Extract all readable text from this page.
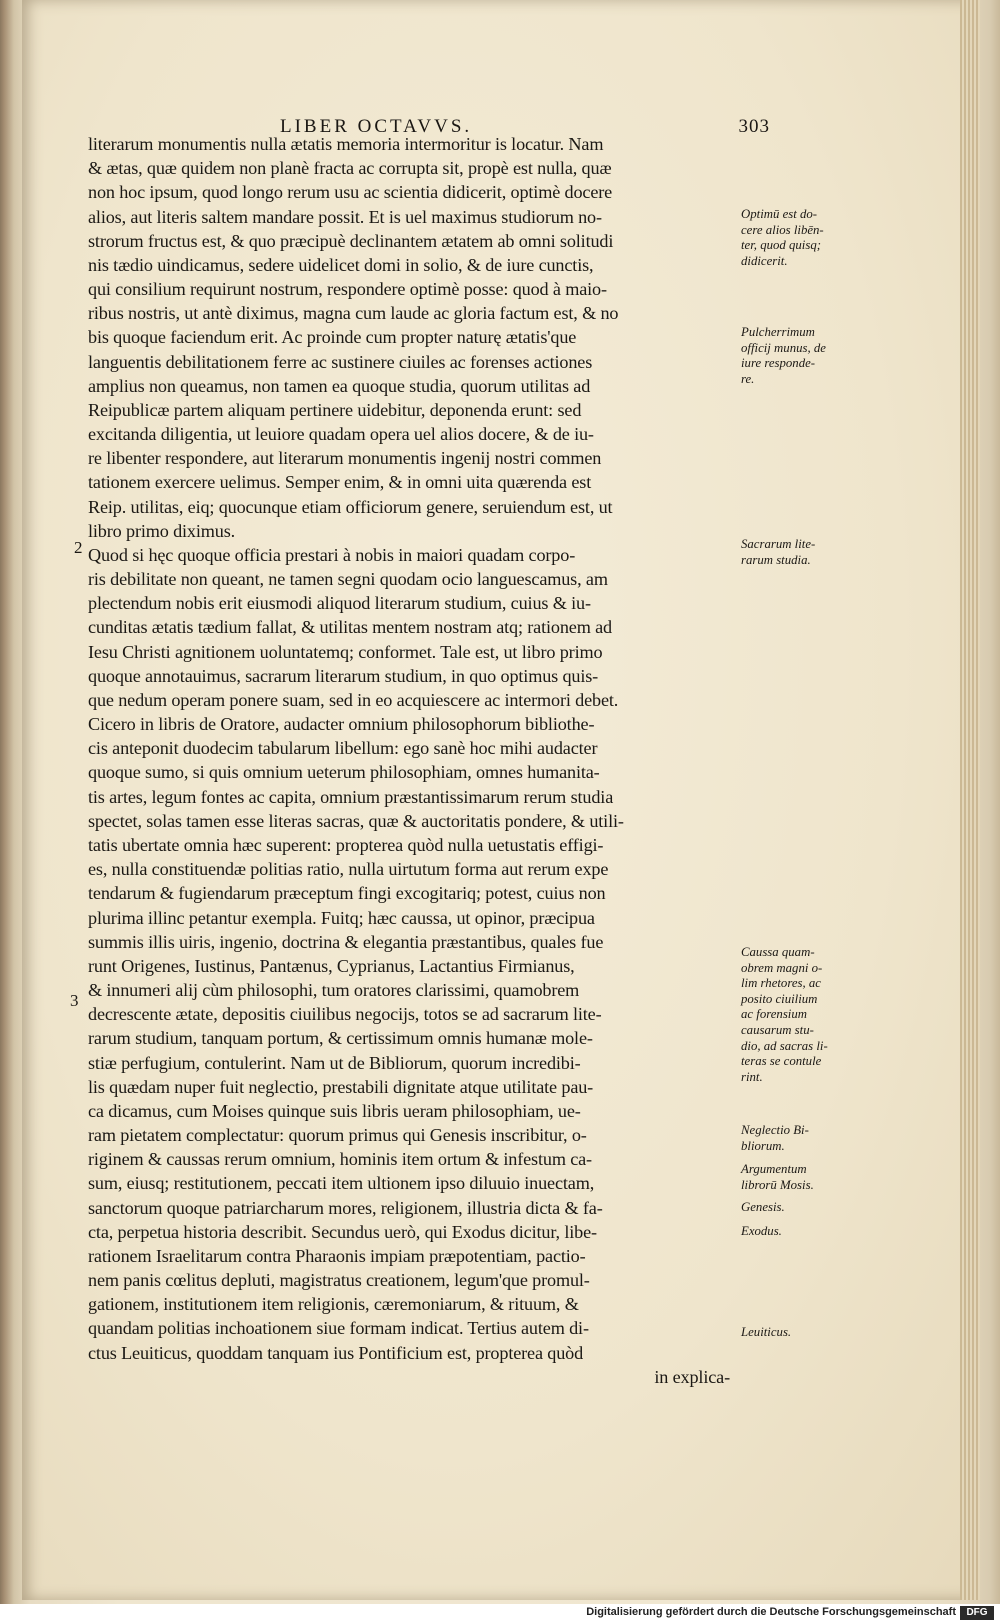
LIBER OCTAVVS.	303
2
3
literarum monumentis nulla ætatis memoria intermoritur is locatur. Nam
& ætas, quæ quidem non planè fracta ac corrupta sit, propè est nulla, quæ
non hoc ipsum, quod longo rerum usu ac scientia didicerit, optimè docere
alios, aut literis saltem mandare possit. Et is uel maximus studiorum no-
strorum fructus est, & quo præcipuè declinantem ætatem ab omni solitudi
nis tædio uindicamus, sedere uidelicet domi in solio, & de iure cunctis,
qui consilium requirunt nostrum, respondere optimè posse: quod à maio-
ribus nostris, ut antè diximus, magna cum laude ac gloria factum est, & no
bis quoque faciendum erit. Ac proinde cum propter naturę ætatis'que
languentis debilitationem ferre ac sustinere ciuiles ac forenses actiones
amplius non queamus, non tamen ea quoque studia, quorum utilitas ad
Reipublicæ partem aliquam pertinere uidebitur, deponenda erunt: sed
excitanda diligentia, ut leuiore quadam opera uel alios docere, & de iu-
re libenter respondere, aut literarum monumentis ingenij nostri commen
tationem exercere uelimus. Semper enim, & in omni uita quærenda est
Reip. utilitas, eiq; quocunque etiam officiorum genere, seruiendum est, ut
libro primo diximus.
Quod si hęc quoque officia prestari à nobis in maiori quadam corpo-
ris debilitate non queant, ne tamen segni quodam ocio languescamus, am
plectendum nobis erit eiusmodi aliquod literarum studium, cuius & iu-
cunditas ætatis tædium fallat, & utilitas mentem nostram atq; rationem ad
Iesu Christi agnitionem uoluntatemq; conformet. Tale est, ut libro primo
quoque annotauimus, sacrarum literarum studium, in quo optimus quis-
que nedum operam ponere suam, sed in eo acquiescere ac intermori debet.
Cicero in libris de Oratore, audacter omnium philosophorum bibliothe-
cis anteponit duodecim tabularum libellum: ego sanè hoc mihi audacter
quoque sumo, si quis omnium ueterum philosophiam, omnes humanita-
tis artes, legum fontes ac capita, omnium præstantissimarum rerum studia
spectet, solas tamen esse literas sacras, quæ & auctoritatis pondere, & utili-
tatis ubertate omnia hæc superent: propterea quòd nulla uetustatis effigi-
es, nulla constituendæ politias ratio, nulla uirtutum forma aut rerum expe
tendarum & fugiendarum præceptum fingi excogitariq; potest, cuius non
plurima illinc petantur exempla. Fuitq; hæc caussa, ut opinor, præcipua
summis illis uiris, ingenio, doctrina & elegantia præstantibus, quales fue
runt Origenes, Iustinus, Pantænus, Cyprianus, Lactantius Firmianus,
& innumeri alij cùm philosophi, tum oratores clarissimi, quamobrem
decrescente ætate, depositis ciuilibus negocijs, totos se ad sacrarum lite-
rarum studium, tanquam portum, & certissimum omnis humanæ mole-
stiæ perfugium, contulerint. Nam ut de Bibliorum, quorum incredibi-
lis quædam nuper fuit neglectio, prestabili dignitate atque utilitate pau-
ca dicamus, cum Moises quinque suis libris ueram philosophiam, ue-
ram pietatem complectatur: quorum primus qui Genesis inscribitur, o-
riginem & caussas rerum omnium, hominis item ortum & infestum ca-
sum, eiusq; restitutionem, peccati item ultionem ipso diluuio inuectam,
sanctorum quoque patriarcharum mores, religionem, illustria dicta & fa-
cta, perpetua historia describit. Secundus uerò, qui Exodus dicitur, libe-
rationem Israelitarum contra Pharaonis impiam præpotentiam, pactio-
nem panis cœlitus depluti, magistratus creationem, legum'que promul-
gationem, institutionem item religionis, cæremoniarum, & rituum, &
quandam politias inchoationem siue formam indicat. Tertius autem di-
ctus Leuiticus, quoddam tanquam ius Pontificium est, propterea quòd
in explica-
Optimū est do-
cere alios libēn-
ter, quod quisq;
didicerit.
Pulcherrimum
officij munus, de
iure responde-
re.
Sacrarum lite-
rarum studia.
Caussa quam-
obrem magni o-
lim rhetores, ac
posito ciuilium
ac forensium
causarum stu-
dio, ad sacras li-
teras se contule
rint.
Neglectio Bi-
bliorum.
Argumentum
librorū Mosis.
Genesis.
Exodus.
Leuiticus.
Digitalisierung gefördert durch die Deutsche Forschungsgemeinschaft	DFG
